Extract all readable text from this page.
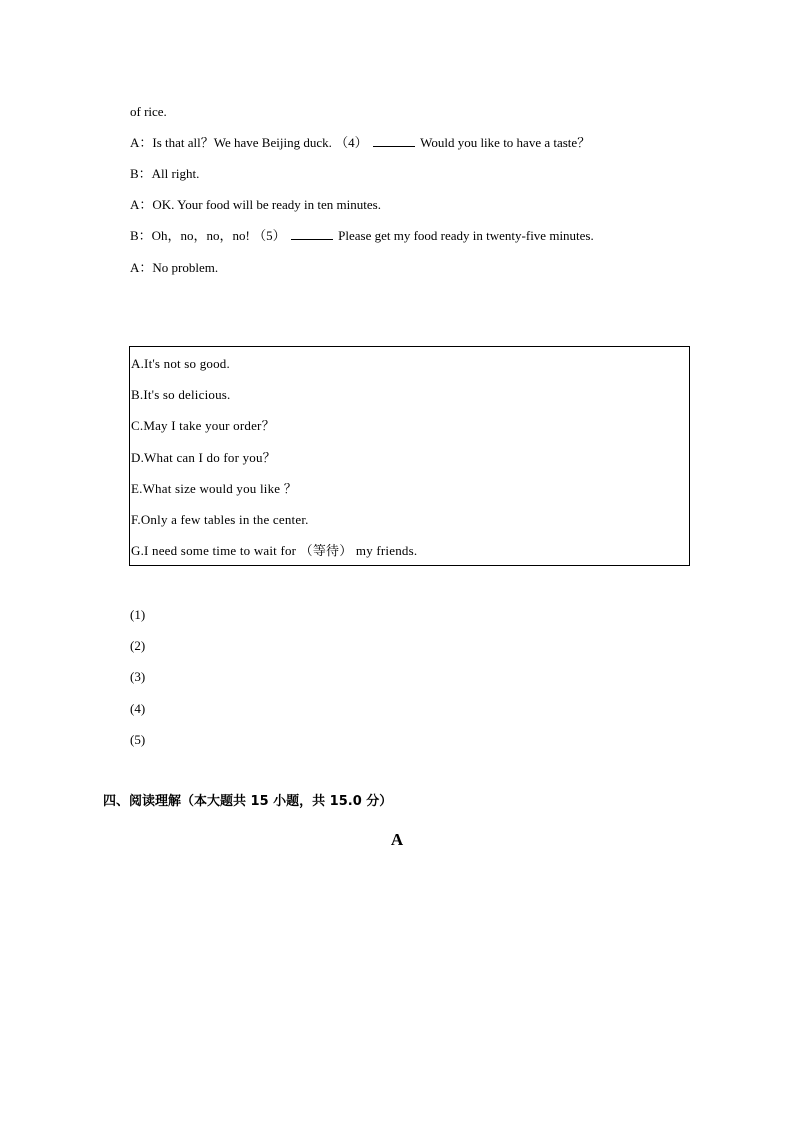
of rice.
A：Is that all？We have Beijing duck. （4）	Would you like to have a taste？
B：All right.
A：OK. Your food will be ready in ten minutes.
B：Oh，no，no，no! （5）	Please get my food ready in twenty-five minutes.
A：No problem.
A.It's not so good.
B.It's so delicious.
C.May I take your order？
D.What can I do for you？
E.What size would you like ？
F.Only a few tables in the center.
G.I need some time to wait for （等待） my friends.
(1)
(2)
(3)
(4)
(5)
四、阅读理解（本大题共 15 小题，共 15.0 分）
A
